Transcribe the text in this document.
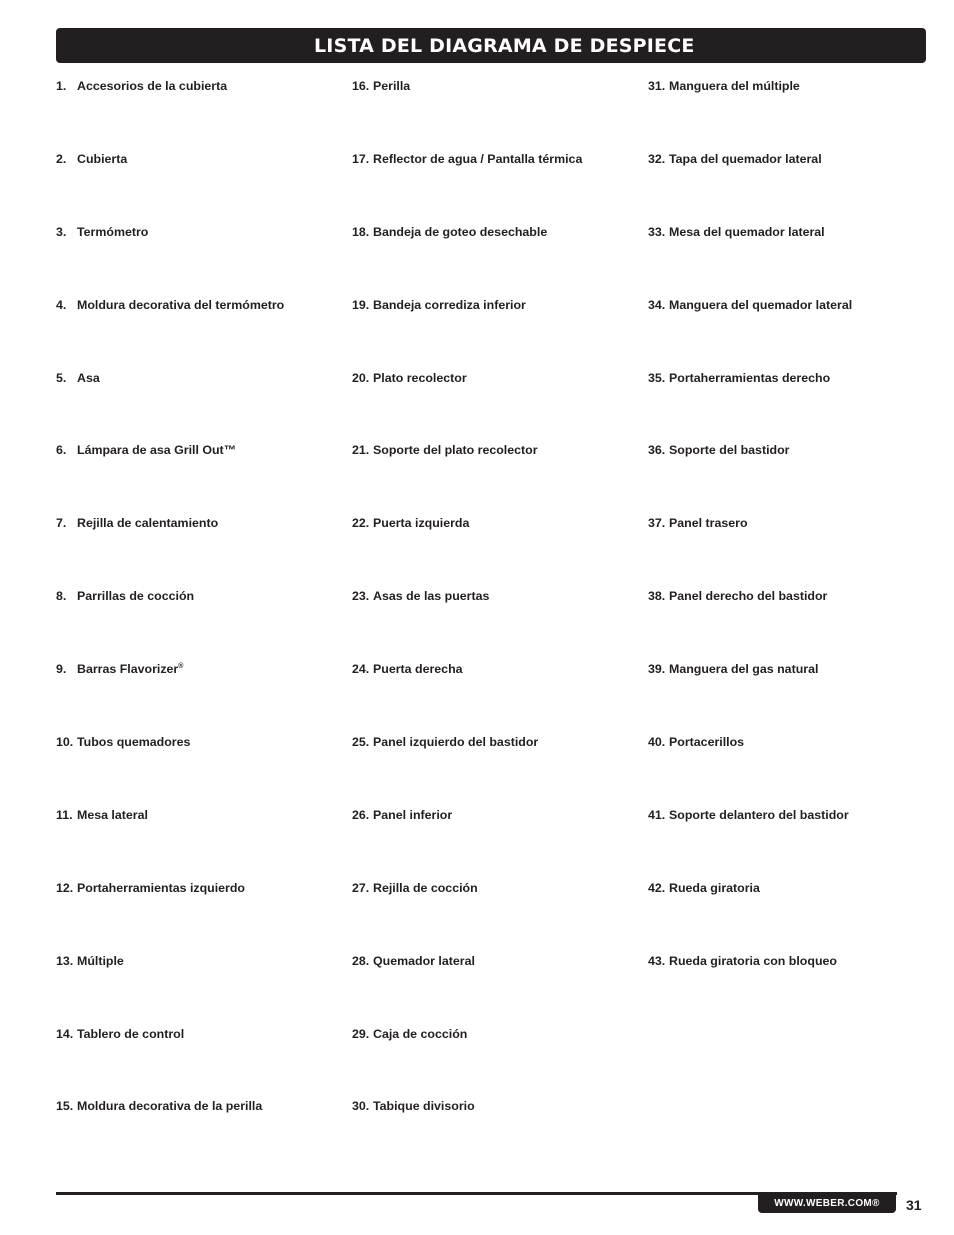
LISTA DEL DIAGRAMA DE DESPIECE
1. Accesorios de la cubierta
2. Cubierta
3. Termómetro
4. Moldura decorativa del termómetro
5. Asa
6. Lámpara de asa Grill Out™
7. Rejilla de calentamiento
8. Parrillas de cocción
9. Barras Flavorizer®
10. Tubos quemadores
11. Mesa lateral
12. Portaherramientas izquierdo
13. Múltiple
14. Tablero de control
15. Moldura decorativa de la perilla
16. Perilla
17. Reflector de agua / Pantalla térmica
18. Bandeja de goteo desechable
19. Bandeja corrediza inferior
20. Plato recolector
21. Soporte del plato recolector
22. Puerta izquierda
23. Asas de las puertas
24. Puerta derecha
25. Panel izquierdo del bastidor
26. Panel inferior
27. Rejilla de cocción
28. Quemador lateral
29. Caja de cocción
30. Tabique divisorio
31. Manguera del múltiple
32. Tapa del quemador lateral
33. Mesa del quemador lateral
34. Manguera del quemador lateral
35. Portaherramientas derecho
36. Soporte del bastidor
37. Panel trasero
38. Panel derecho del bastidor
39. Manguera del gas natural
40. Portacerillos
41. Soporte delantero del bastidor
42. Rueda giratoria
43. Rueda giratoria con bloqueo
WWW.WEBER.COM® 31
